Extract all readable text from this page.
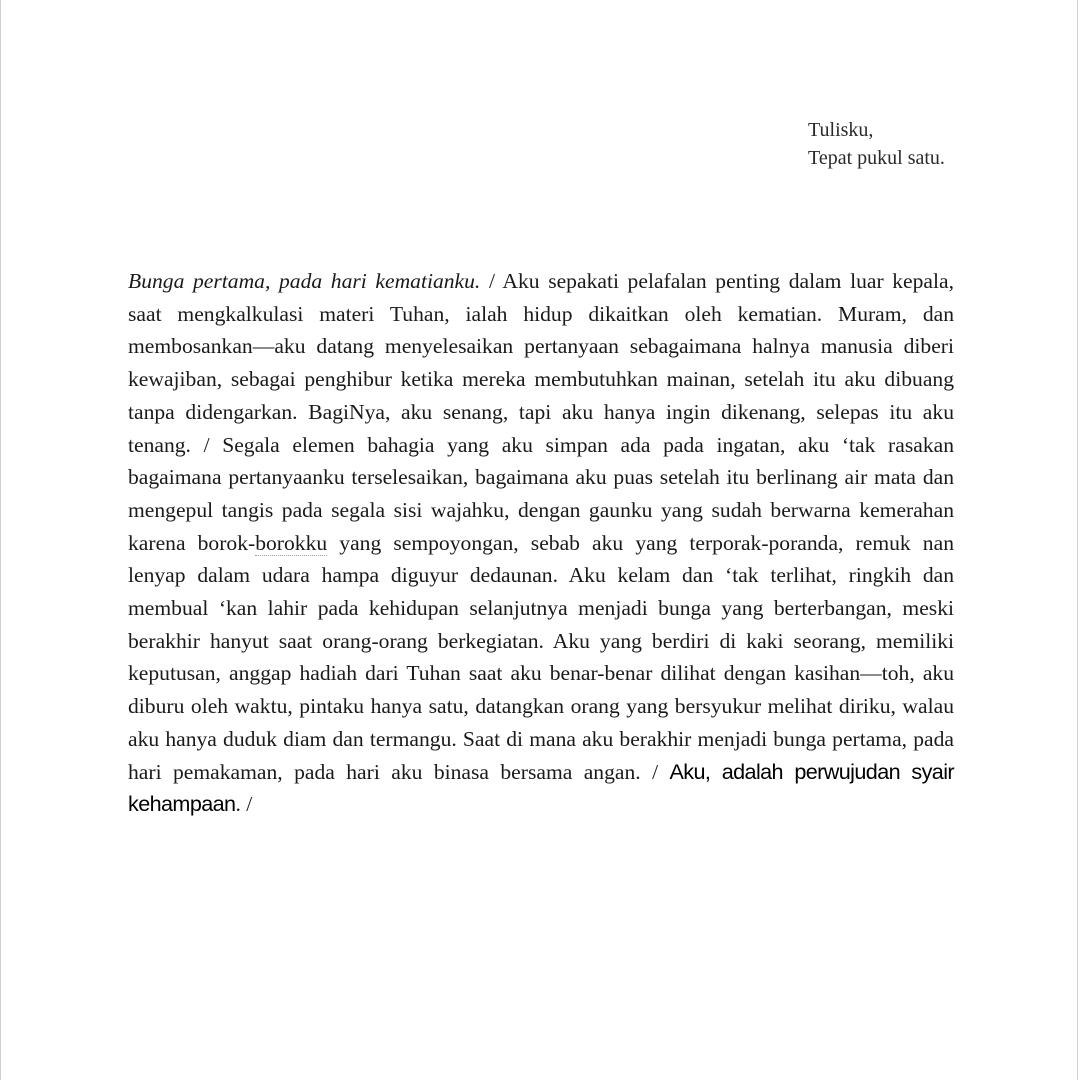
Tulisku,
Tepat pukul satu.

Bunga pertama, pada hari kematianku. / Aku sepakati pelafalan penting dalam luar kepala, saat mengkalkulasi materi Tuhan, ialah hidup dikaitkan oleh kematian. Muram, dan membosankan—aku datang menyelesaikan pertanyaan sebagaimana halnya manusia diberi kewajiban, sebagai penghibur ketika mereka membutuhkan mainan, setelah itu aku dibuang tanpa didengarkan. BagiNya, aku senang, tapi aku hanya ingin dikenang, selepas itu aku tenang. / Segala elemen bahagia yang aku simpan ada pada ingatan, aku ‘tak rasakan bagaimana pertanyaanku terselesaikan, bagaimana aku puas setelah itu berlinang air mata dan mengepul tangis pada segala sisi wajahku, dengan gaunku yang sudah berwarna kemerahan karena borok-borokku yang sempoyongan, sebab aku yang terporak-poranda, remuk nan lenyap dalam udara hampa diguyur dedaunan. Aku kelam dan ‘tak terlihat, ringkih dan membual ‘kan lahir pada kehidupan selanjutnya menjadi bunga yang berterbangan, meski berakhir hanyut saat orang-orang berkegiatan. Aku yang berdiri di kaki seorang, memiliki keputusan, anggap hadiah dari Tuhan saat aku benar-benar dilihat dengan kasihan—toh, aku diburu oleh waktu, pintaku hanya satu, datangkan orang yang bersyukur melihat diriku, walau aku hanya duduk diam dan termangu. Saat di mana aku berakhir menjadi bunga pertama, pada hari pemakaman, pada hari aku binasa bersama angan. / Aku, adalah perwujudan syair kehampaan. /
